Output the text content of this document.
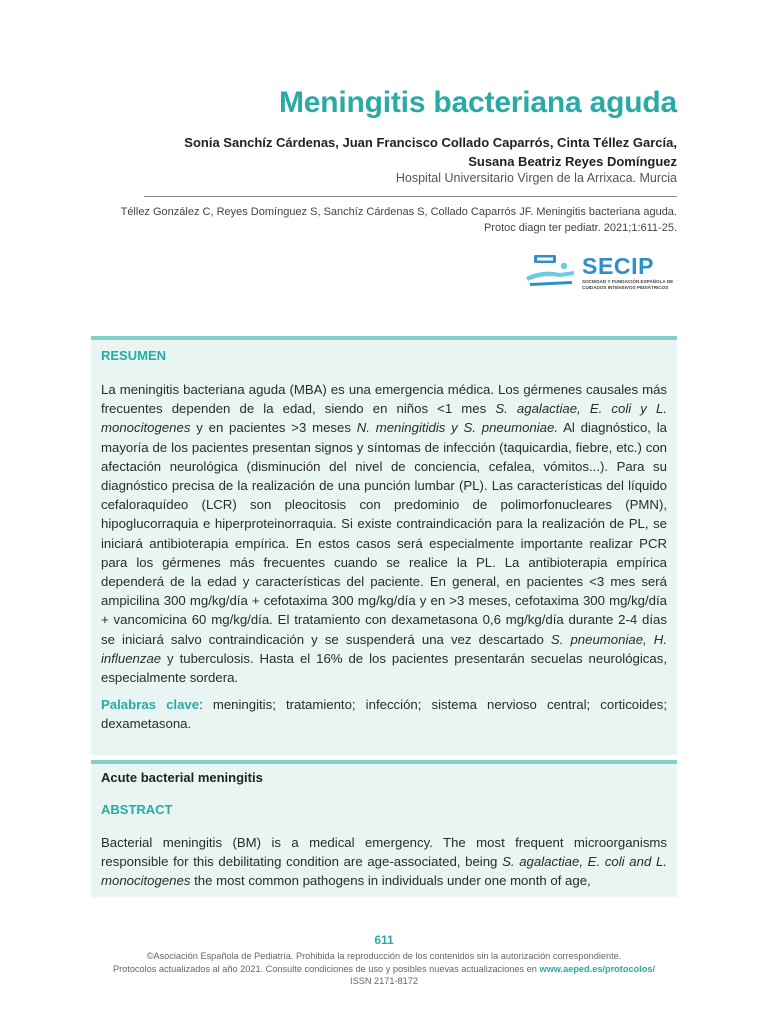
Meningitis bacteriana aguda
Sonia Sanchíz Cárdenas, Juan Francisco Collado Caparrós, Cinta Téllez García,
Susana Beatriz Reyes Domínguez
Hospital Universitario Virgen de la Arrixaca. Murcia
Téllez González C, Reyes Domínguez S, Sanchíz Cárdenas S, Collado Caparrós JF. Meningitis bacteriana aguda.
Protoc diagn ter pediatr. 2021;1:611-25.
SECIP
SOCIEDAD Y FUNDACIÓN ESPAÑOLA DE
CUIDADOS INTENSIVOS PEDIÁTRICOS
RESUMEN

La meningitis bacteriana aguda (MBA) es una emergencia médica. Los gérmenes causales más frecuentes dependen de la edad, siendo en niños <1 mes S. agalactiae, E. coli y L. monocitogenes y en pacientes >3 meses N. meningitidis y S. pneumoniae. Al diagnóstico, la mayoría de los pacientes presentan signos y síntomas de infección (taquicardia, fiebre, etc.) con afectación neurológica (disminución del nivel de conciencia, cefalea, vómitos...). Para su diagnóstico precisa de la realización de una punción lumbar (PL). Las características del líquido cefaloraquídeo (LCR) son pleocitosis con predominio de polimorfonucleares (PMN), hipoglucorraquia e hiperproteinorraquia. Si existe contraindicación para la realización de PL, se iniciará antibioterapia empírica. En estos casos será especialmente importante realizar PCR para los gérmenes más frecuentes cuando se realice la PL. La antibioterapia empírica dependerá de la edad y características del paciente. En general, en pacientes <3 mes será ampicilina 300 mg/kg/día + cefotaxima 300 mg/kg/día y en >3 meses, cefotaxima 300 mg/kg/día + vancomicina 60 mg/kg/día. El tratamiento con dexametasona 0,6 mg/kg/día durante 2-4 días se iniciará salvo contraindicación y se suspenderá una vez descartado S. pneumoniae, H. influenzae y tuberculosis. Hasta el 16% de los pacientes presentarán secuelas neurológicas, especialmente sordera.

Palabras clave: meningitis; tratamiento; infección; sistema nervioso central; corticoides; dexametasona.

Acute bacterial meningitis
ABSTRACT

Bacterial meningitis (BM) is a medical emergency. The most frequent microorganisms responsible for this debilitating condition are age-associated, being S. agalactiae, E. coli and L. monocitogenes the most common pathogens in individuals under one month of age,

611
©Asociación Española de Pediatría. Prohibida la reproducción de los contenidos sin la autorización correspondiente.
Protocolos actualizados al año 2021. Consulte condiciones de uso y posibles nuevas actualizaciones en www.aeped.es/protocolos/
ISSN 2171-8172
